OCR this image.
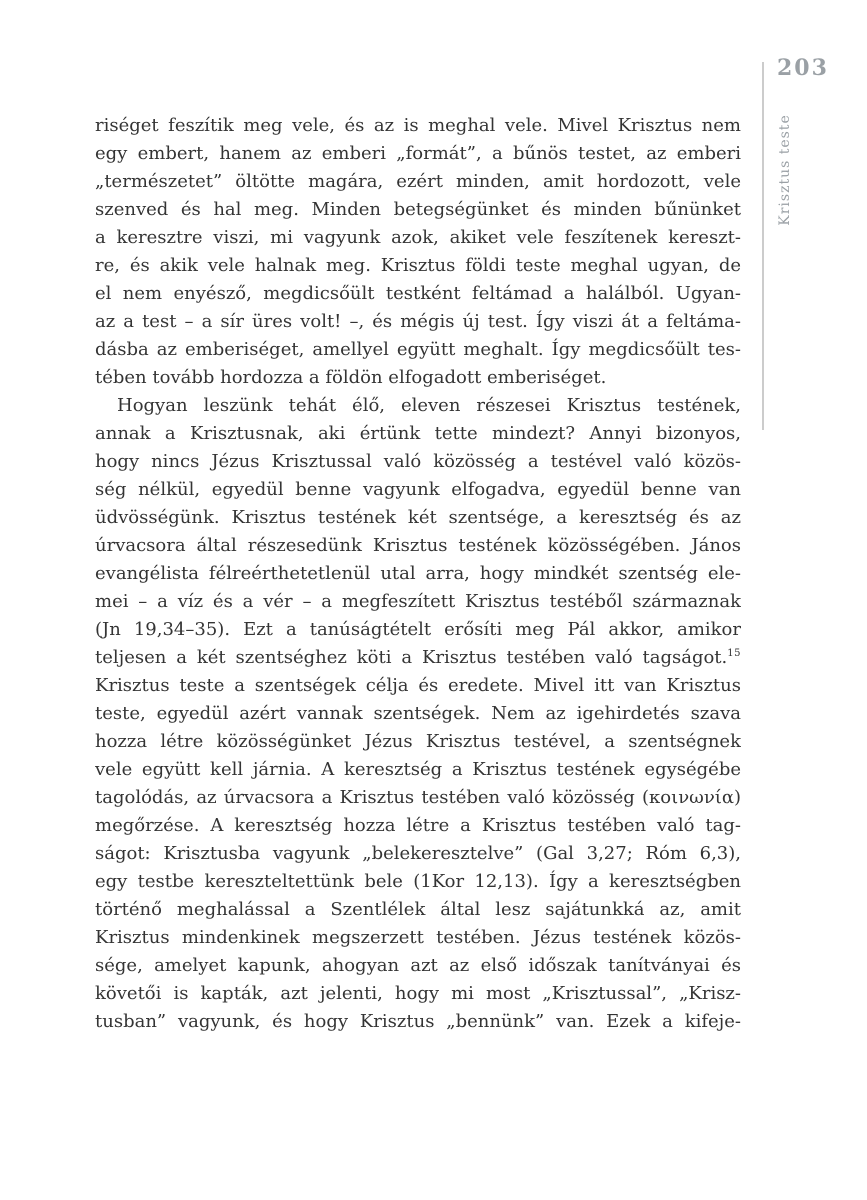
203
Krisztus teste
riséget feszítik meg vele, és az is meghal vele. Mivel Krisztus nem
egy embert, hanem az emberi „formát”, a bűnös testet, az emberi
„természetet” öltötte magára, ezért minden, amit hordozott, vele
szenved és hal meg. Minden betegségünket és minden bűnünket
a keresztre viszi, mi vagyunk azok, akiket vele feszítenek kereszt-
re, és akik vele halnak meg. Krisztus földi teste meghal ugyan, de
el nem enyésző, megdicsőült testként feltámad a halálból. Ugyan-
az a test – a sír üres volt! –, és mégis új test. Így viszi át a feltáma-
dásba az emberiséget, amellyel együtt meghalt. Így megdicsőült tes-
tében tovább hordozza a földön elfogadott emberiséget.
Hogyan leszünk tehát élő, eleven részesei Krisztus testének,
annak a Krisztusnak, aki értünk tette mindezt? Annyi bizonyos,
hogy nincs Jézus Krisztussal való közösség a testével való közös-
ség nélkül, egyedül benne vagyunk elfogadva, egyedül benne van
üdvösségünk. Krisztus testének két szentsége, a keresztség és az
úrvacsora által részesedünk Krisztus testének közösségében. János
evangélista félreérthetetlenül utal arra, hogy mindkét szentség ele-
mei – a víz és a vér – a megfeszített Krisztus testéből származnak
(Jn 19,34–35). Ezt a tanúságtételt erősíti meg Pál akkor, amikor
teljesen a két szentséghez köti a Krisztus testében való tagságot.$^{15}$
Krisztus teste a szentségek célja és eredete. Mivel itt van Krisztus
teste, egyedül azért vannak szentségek. Nem az igehirdetés szava
hozza létre közösségünket Jézus Krisztus testével, a szentségnek
vele együtt kell járnia. A keresztség a Krisztus testének egységébe
tagolódás, az úrvacsora a Krisztus testében való közösség (κοινωνία)
megőrzése. A keresztség hozza létre a Krisztus testében való tag-
ságot: Krisztusba vagyunk „belekeresztelve” (Gal 3,27; Róm 6,3),
egy testbe kereszteltettünk bele (1Kor 12,13). Így a keresztségben
történő meghalással a Szentlélek által lesz sajátunkká az, amit
Krisztus mindenkinek megszerzett testében. Jézus testének közös-
sége, amelyet kapunk, ahogyan azt az első időszak tanítványai és
követői is kapták, azt jelenti, hogy mi most „Krisztussal”, „Krisz-
tusban” vagyunk, és hogy Krisztus „bennünk” van. Ezek a kifeje-
